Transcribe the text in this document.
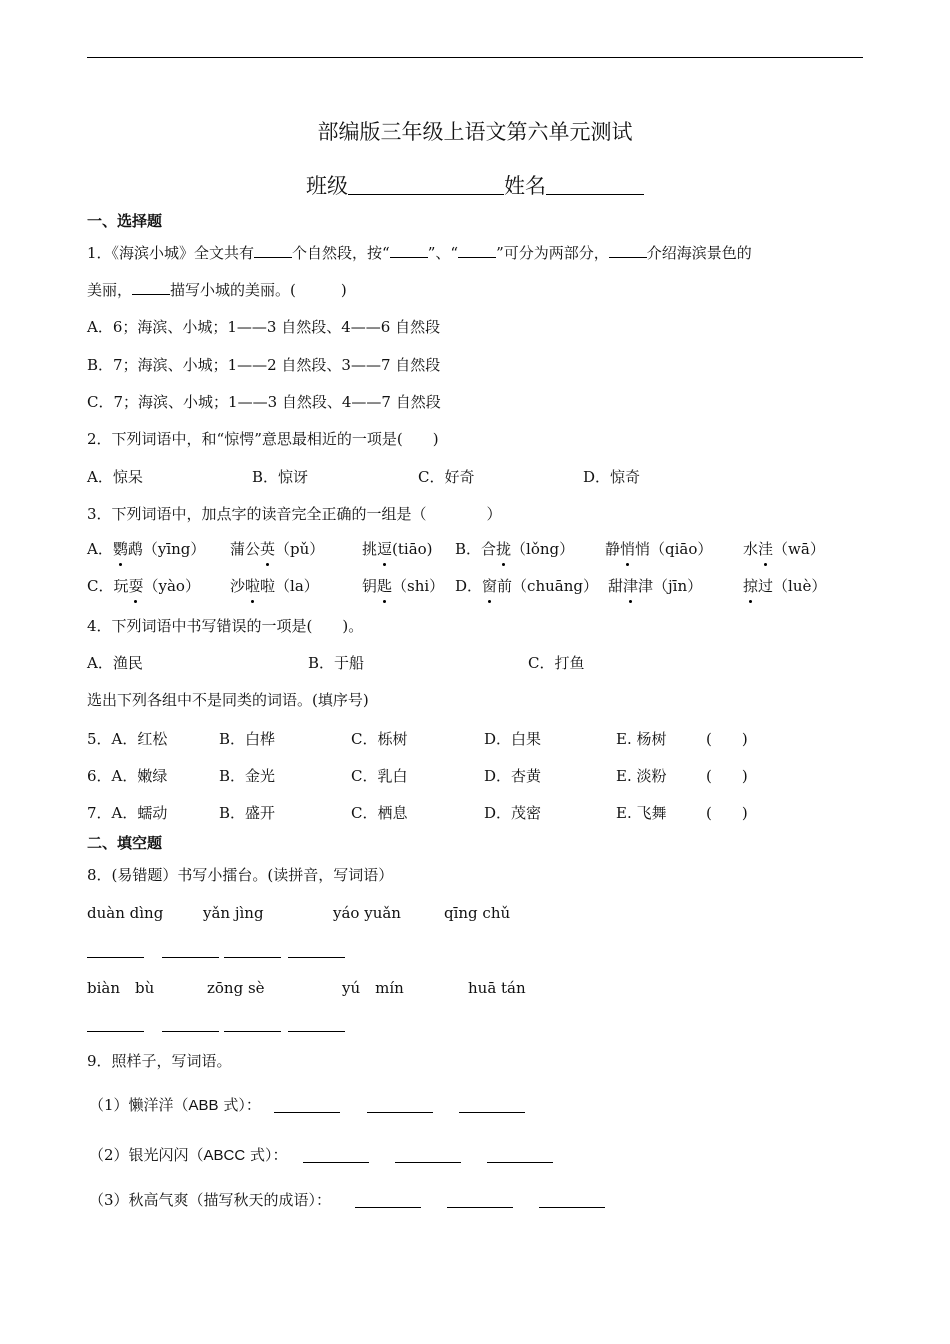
部编版三年级上语文第六单元测试
班级	姓名
一、选择题
1．《海滨小城》全文共有	个自然段，按“	”、“	”可分为两部分，	介绍海滨景色的
美丽，	描写小城的美丽。(　　　)
A．6；海滨、小城；1——3 自然段、4——6 自然段
B．7；海滨、小城；1——2 自然段、3——7 自然段
C．7；海滨、小城；1——3 自然段、4——7 自然段
2．下列词语中，和“惊愕”意思最相近的一项是(　　)
A．惊呆	B．惊讶	C．好奇	D．惊奇
3．下列词语中，加点字的读音完全正确的一组是（　　　　）
A．鹦鹉（yīng） 蒲公英（pǔ）	挑逗(tiāo) B．合拢（lǒng） 静悄悄（qiāo） 水洼（wā）
C．玩耍（yào） 沙啦啦（la）	钥匙（shi） D．窗前（chuāng） 甜津津（jīn）	掠过（luè）
4．下列词语中书写错误的一项是(　　)。
A．渔民	B．于船	C．打鱼
选出下列各组中不是同类的词语。(填序号)
5．A．红松	B．白桦	C．栎树	D．白果	E. 杨树	(　　)
6．A．嫩绿	B．金光	C．乳白	D．杏黄	E. 淡粉	(　　)
7．A．蠕动	B．盛开	C．栖息	D．茂密	E. 飞舞	(　　)
二、填空题
8．(易错题）书写小擂台。(读拼音，写词语）
duàn dìng	yǎn jìng	yáo yuǎn	qīng chǔ
biàn　bù	zōng sè	yú　mín	huā tán
9．照样子，写词语。
（1）懒洋洋（ABB 式）：
（2）银光闪闪（ABCC 式）：
（3）秋高气爽（描写秋天的成语）：
